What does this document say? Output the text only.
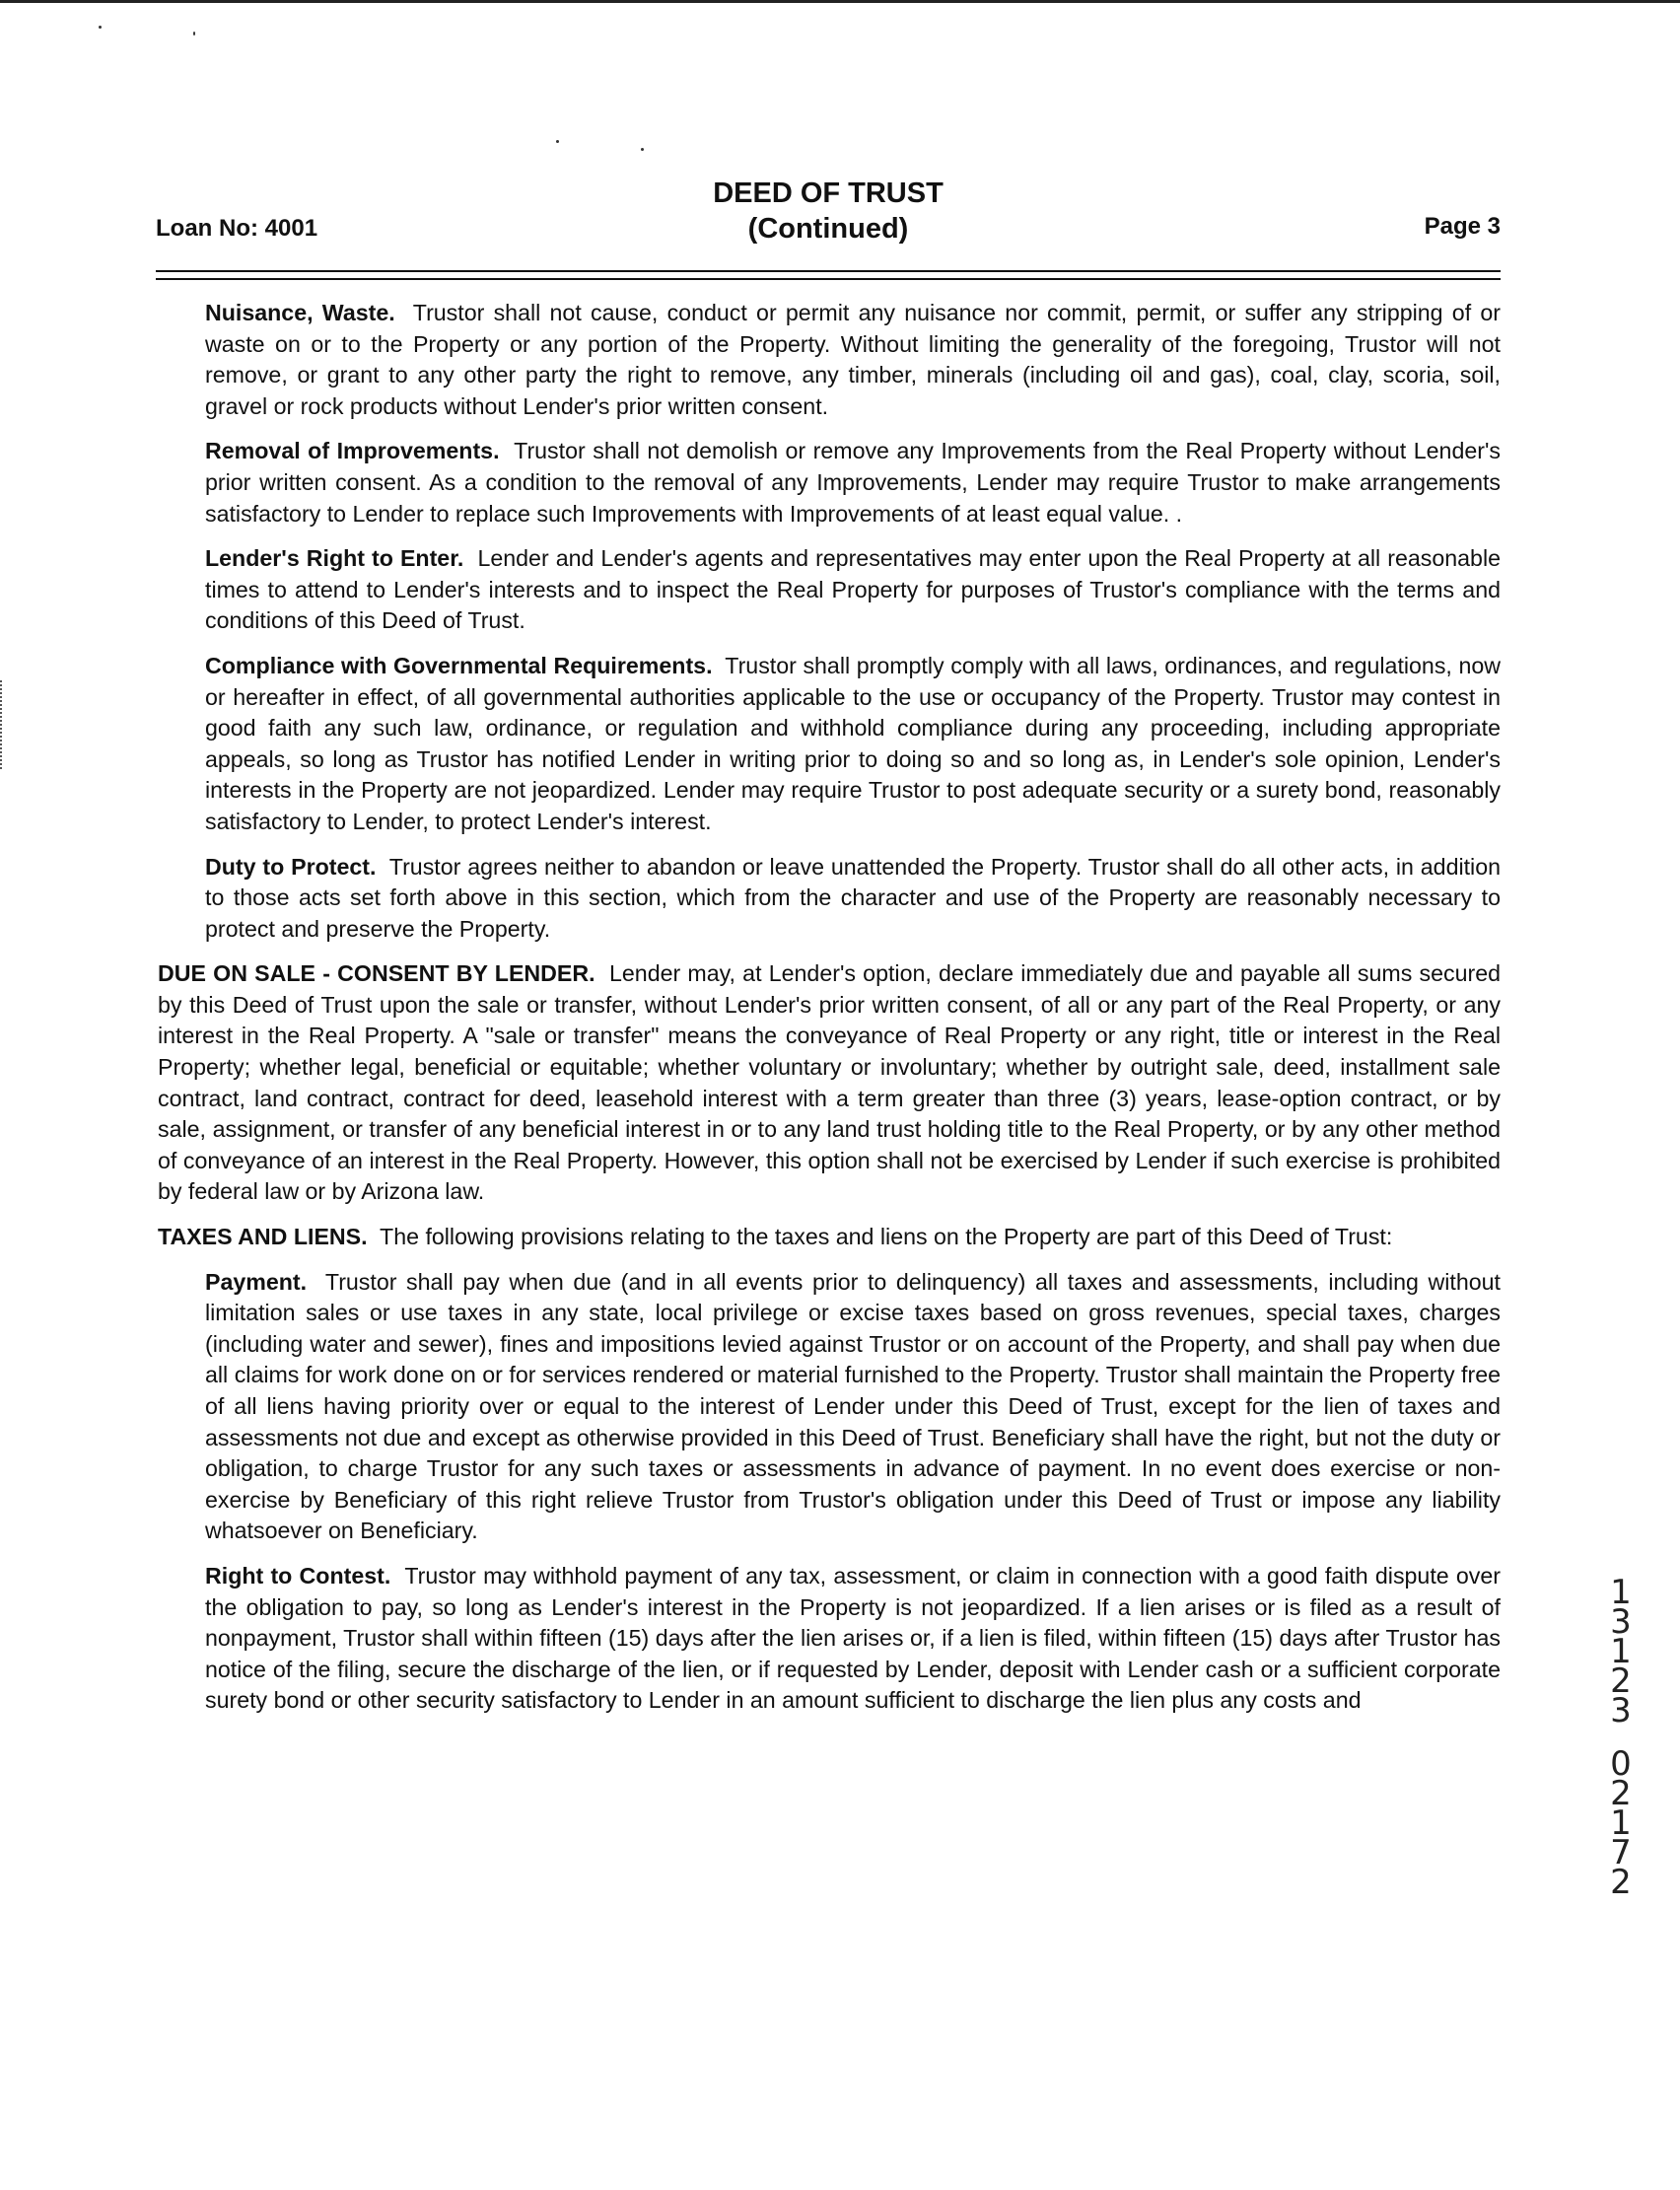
Loan No: 4001
DEED OF TRUST
(Continued)	Page 3

Nuisance, Waste. Trustor shall not cause, conduct or permit any nuisance nor commit, permit, or suffer any stripping of or waste on or to the Property or any portion of the Property. Without limiting the generality of the foregoing, Trustor will not remove, or grant to any other party the right to remove, any timber, minerals (including oil and gas), coal, clay, scoria, soil, gravel or rock products without Lender's prior written consent.

Removal of Improvements. Trustor shall not demolish or remove any Improvements from the Real Property without Lender's prior written consent. As a condition to the removal of any Improvements, Lender may require Trustor to make arrangements satisfactory to Lender to replace such Improvements with Improvements of at least equal value. .

Lender's Right to Enter. Lender and Lender's agents and representatives may enter upon the Real Property at all reasonable times to attend to Lender's interests and to inspect the Real Property for purposes of Trustor's compliance with the terms and conditions of this Deed of Trust.

Compliance with Governmental Requirements. Trustor shall promptly comply with all laws, ordinances, and regulations, now or hereafter in effect, of all governmental authorities applicable to the use or occupancy of the Property. Trustor may contest in good faith any such law, ordinance, or regulation and withhold compliance during any proceeding, including appropriate appeals, so long as Trustor has notified Lender in writing prior to doing so and so long as, in Lender's sole opinion, Lender's interests in the Property are not jeopardized. Lender may require Trustor to post adequate security or a surety bond, reasonably satisfactory to Lender, to protect Lender's interest.

Duty to Protect. Trustor agrees neither to abandon or leave unattended the Property. Trustor shall do all other acts, in addition to those acts set forth above in this section, which from the character and use of the Property are reasonably necessary to protect and preserve the Property.

DUE ON SALE - CONSENT BY LENDER. Lender may, at Lender's option, declare immediately due and payable all sums secured by this Deed of Trust upon the sale or transfer, without Lender's prior written consent, of all or any part of the Real Property, or any interest in the Real Property. A "sale or transfer" means the conveyance of Real Property or any right, title or interest in the Real Property; whether legal, beneficial or equitable; whether voluntary or involuntary; whether by outright sale, deed, installment sale contract, land contract, contract for deed, leasehold interest with a term greater than three (3) years, lease-option contract, or by sale, assignment, or transfer of any beneficial interest in or to any land trust holding title to the Real Property, or by any other method of conveyance of an interest in the Real Property. However, this option shall not be exercised by Lender if such exercise is prohibited by federal law or by Arizona law.

TAXES AND LIENS. The following provisions relating to the taxes and liens on the Property are part of this Deed of Trust:

Payment. Trustor shall pay when due (and in all events prior to delinquency) all taxes and assessments, including without limitation sales or use taxes in any state, local privilege or excise taxes based on gross revenues, special taxes, charges (including water and sewer), fines and impositions levied against Trustor or on account of the Property, and shall pay when due all claims for work done on or for services rendered or material furnished to the Property. Trustor shall maintain the Property free of all liens having priority over or equal to the interest of Lender under this Deed of Trust, except for the lien of taxes and assessments not due and except as otherwise provided in this Deed of Trust. Beneficiary shall have the right, but not the duty or obligation, to charge Trustor for any such taxes or assessments in advance of payment. In no event does exercise or non-exercise by Beneficiary of this right relieve Trustor from Trustor's obligation under this Deed of Trust or impose any liability whatsoever on Beneficiary.

Right to Contest. Trustor may withhold payment of any tax, assessment, or claim in connection with a good faith dispute over the obligation to pay, so long as Lender's interest in the Property is not jeopardized. If a lien arises or is filed as a result of nonpayment, Trustor shall within fifteen (15) days after the lien arises or, if a lien is filed, within fifteen (15) days after Trustor has notice of the filing, secure the discharge of the lien, or if requested by Lender, deposit with Lender cash or a sufficient corporate surety bond or other security satisfactory to Lender in an amount sufficient to discharge the lien plus any costs and

1
3
1
2
3
0
2
1
7
2
